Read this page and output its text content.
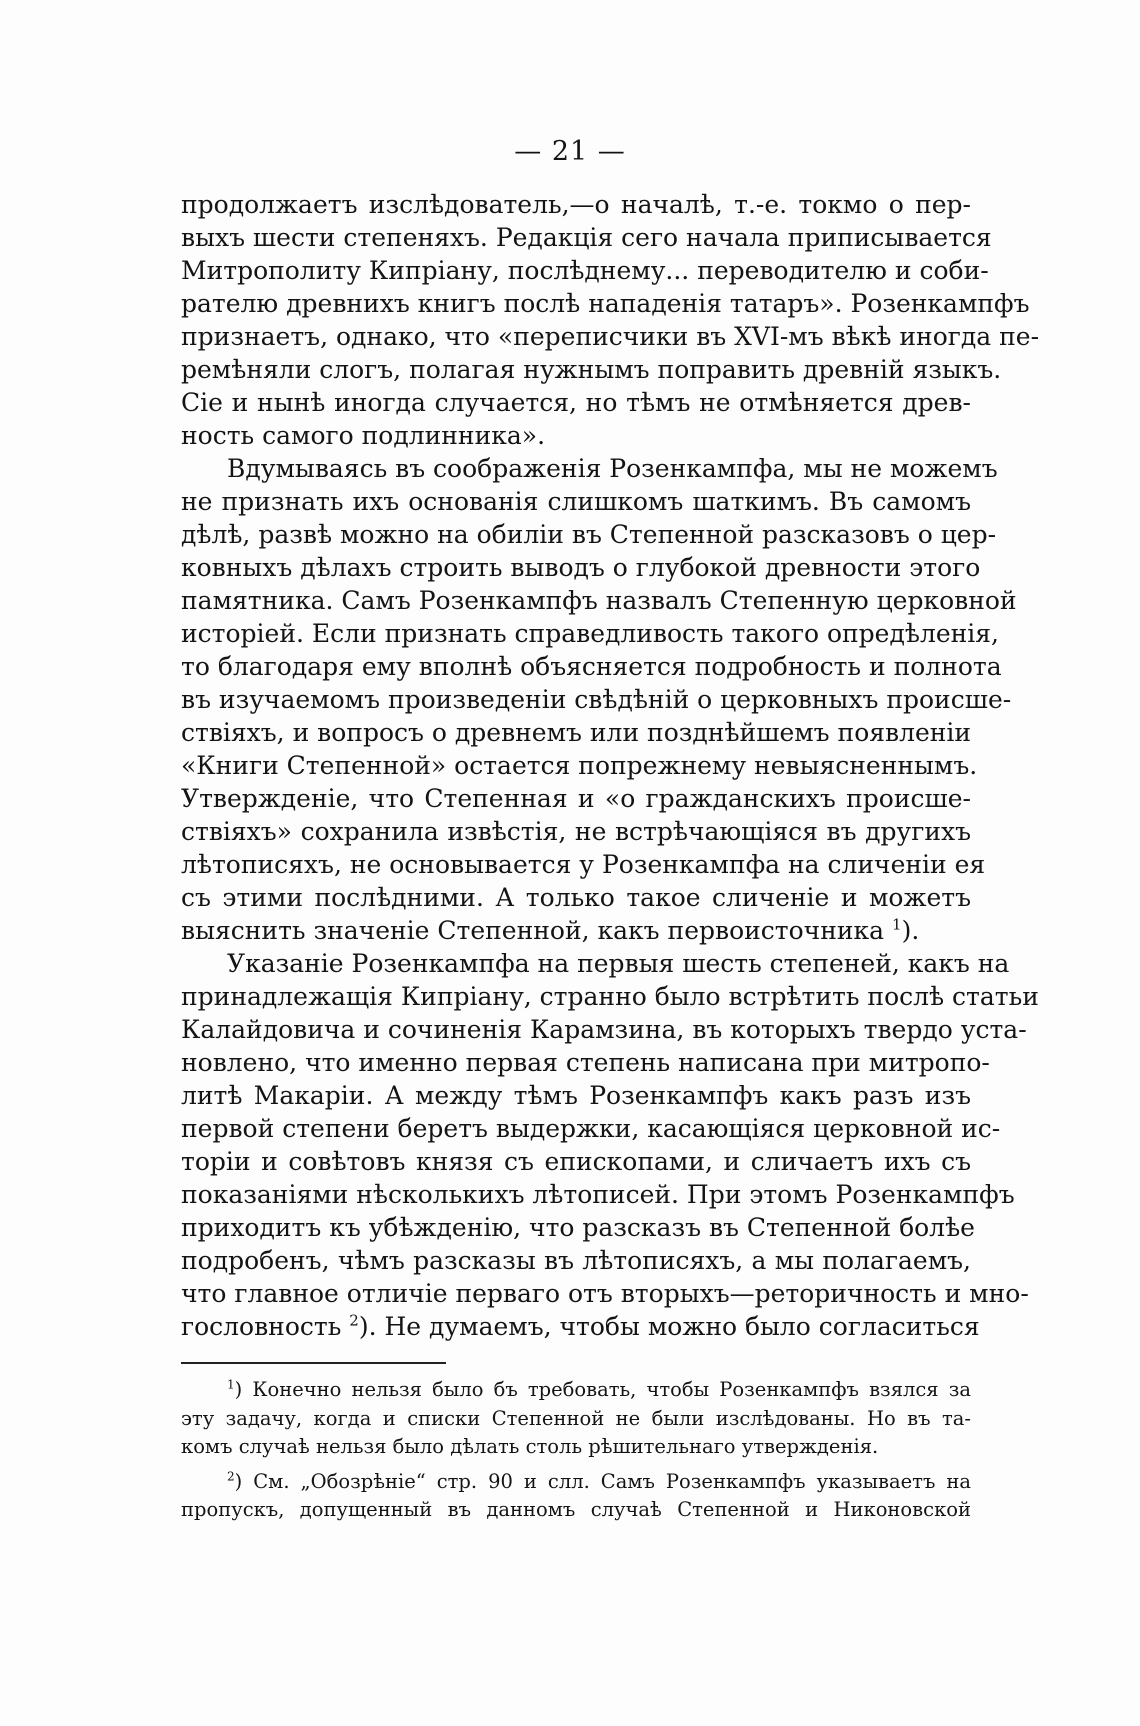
— 21 —
продолжаетъ изслѣдователь,—о началѣ, т.-е. токмо о пер-
выхъ шести степеняхъ. Редакція сего начала приписывается
Митрополиту Кипріану, послѣднему... переводителю и соби-
рателю древнихъ книгъ послѣ нападенія татаръ». Розенкампфъ
признаетъ, однако, что «переписчики въ XVI-мъ вѣкѣ иногда пе-
ремѣняли слогъ, полагая нужнымъ поправить древній языкъ.
Сіе и нынѣ иногда случается, но тѣмъ не отмѣняется древ-
ность самого подлинника».
Вдумываясь въ соображенія Розенкампфа, мы не можемъ
не признать ихъ основанія слишкомъ шаткимъ. Въ самомъ
дѣлѣ, развѣ можно на обиліи въ Степенной разсказовъ о цер-
ковныхъ дѣлахъ строить выводъ о глубокой древности этого
памятника. Самъ Розенкампфъ назвалъ Степенную церковной
исторіей. Если признать справедливость такого опредѣленія,
то благодаря ему вполнѣ объясняется подробность и полнота
въ изучаемомъ произведеніи свѣдѣній о церковныхъ происше-
ствіяхъ, и вопросъ о древнемъ или позднѣйшемъ появленіи
«Книги Степенной» остается попрежнему невыясненнымъ.
Утвержденіе, что Степенная и «о гражданскихъ происше-
ствіяхъ» сохранила извѣстія, не встрѣчающіяся въ другихъ
лѣтописяхъ, не основывается у Розенкампфа на сличеніи ея
съ этими послѣдними. А только такое сличеніе и можетъ
выяснить значеніе Степенной, какъ первоисточника $^1$).
Указаніе Розенкампфа на первыя шесть степеней, какъ на
принадлежащія Кипріану, странно было встрѣтить послѣ статьи
Калайдовича и сочиненія Карамзина, въ которыхъ твердо уста-
новлено, что именно первая степень написана при митропо-
литѣ Макаріи. А между тѣмъ Розенкампфъ какъ разъ изъ
первой степени беретъ выдержки, касающіяся церковной ис-
торіи и совѣтовъ князя съ епископами, и сличаетъ ихъ съ
показаніями нѣсколькихъ лѣтописей. При этомъ Розенкампфъ
приходитъ къ убѣжденію, что разсказъ въ Степенной болѣе
подробенъ, чѣмъ разсказы въ лѣтописяхъ, а мы полагаемъ,
что главное отличіе перваго отъ вторыхъ—реторичность и мно-
гословность $^2$). Не думаемъ, чтобы можно было согласиться
$^1$) Конечно нельзя было бъ требовать, чтобы Розенкампфъ взялся за
эту задачу, когда и списки Степенной не были изслѣдованы. Но въ та-
комъ случаѣ нельзя было дѣлать столь рѣшительнаго утвержденія.
$^2$) См. „Обозрѣніе“ стр. 90 и слл. Самъ Розенкампфъ указываетъ на
пропускъ, допущенный въ данномъ случаѣ Степенной и Никоновской
